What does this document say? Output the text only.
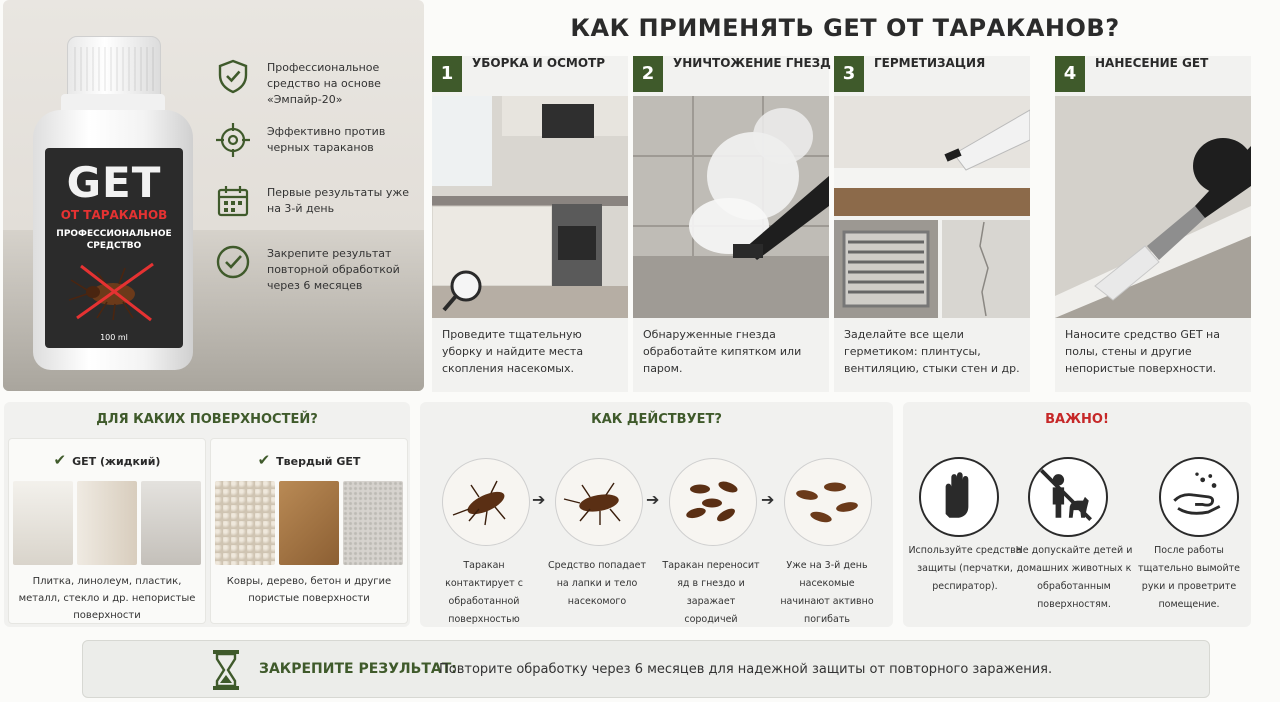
GET
ОТ ТАРАКАНОВ
ПРОФЕССИОНАЛЬНОЕ СРЕДСТВО
100 ml
Профессиональное средство на основе «Эмпайр-20»
Эффективно против черных тараканов
Первые результаты уже на 3-й день
Закрепите результат повторной обработкой через 6 месяцев
КАК ПРИМЕНЯТЬ GET ОТ ТАРАКАНОВ?
1	УБОРКА И ОСМОТР
Проведите тщательную уборку и найдите места скопления насекомых.
2	УНИЧТОЖЕНИЕ ГНЕЗД
Обнаруженные гнезда обработайте кипятком или паром.
3	ГЕРМЕТИЗАЦИЯ
Заделайте все щели герметиком: плинтусы, вентиляцию, стыки стен и др.
4	НАНЕСЕНИЕ GET
Наносите средство GET на полы, стены и другие непористые поверхности.
ДЛЯ КАКИХ ПОВЕРХНОСТЕЙ?
✔ GET (жидкий)
Плитка, линолеум, пластик, металл, стекло и др. непористые поверхности
✔ Твердый GET
Ковры, дерево, бетон и другие пористые поверхности
КАК ДЕЙСТВУЕТ?
➔	➔	➔
Таракан контактирует с обработанной поверхностью
Средство попадает на лапки и тело насекомого
Таракан переносит яд в гнездо и заражает сородичей
Уже на 3-й день насекомые начинают активно погибать
ВАЖНО!
Используйте средства защиты (перчатки, респиратор).
Не допускайте детей и домашних животных к обработанным поверхностям.
После работы тщательно вымойте руки и проветрите помещение.
ЗАКРЕПИТЕ РЕЗУЛЬТАТ:
Повторите обработку через 6 месяцев для надежной защиты от повторного заражения.
